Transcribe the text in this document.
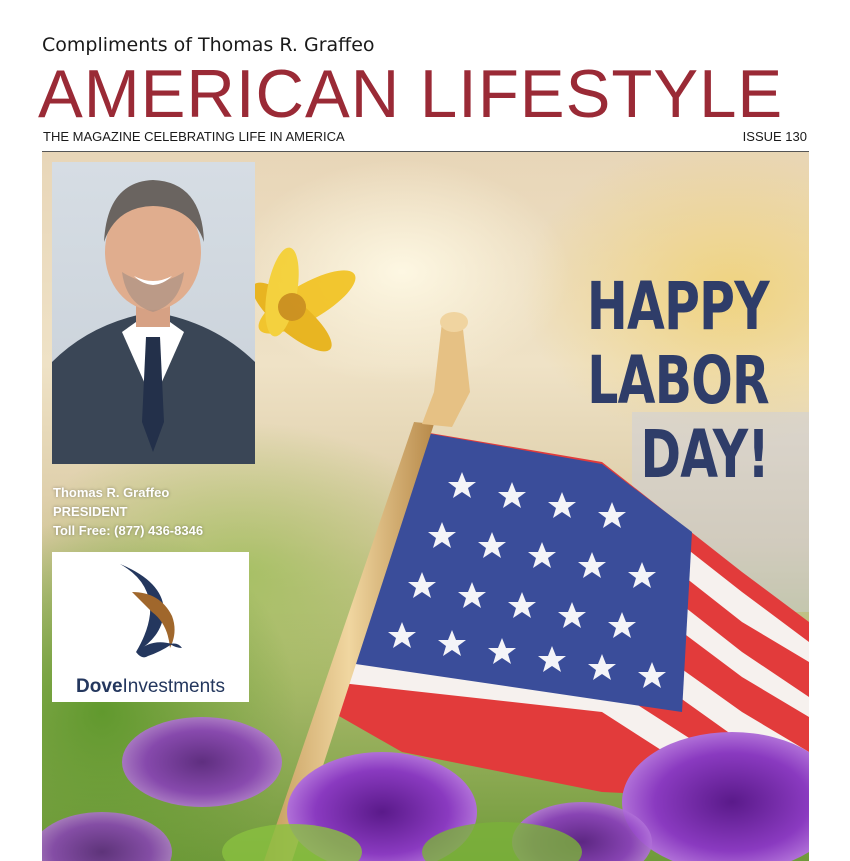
Compliments of Thomas R. Graffeo
AMERICAN LIFESTYLE
THE MAGAZINE CELEBRATING LIFE IN AMERICA	ISSUE 130
Thomas R. Graffeo
PRESIDENT
Toll Free: (877) 436-8346
DoveInvestments
HAPPY
LABOR
DAY!
